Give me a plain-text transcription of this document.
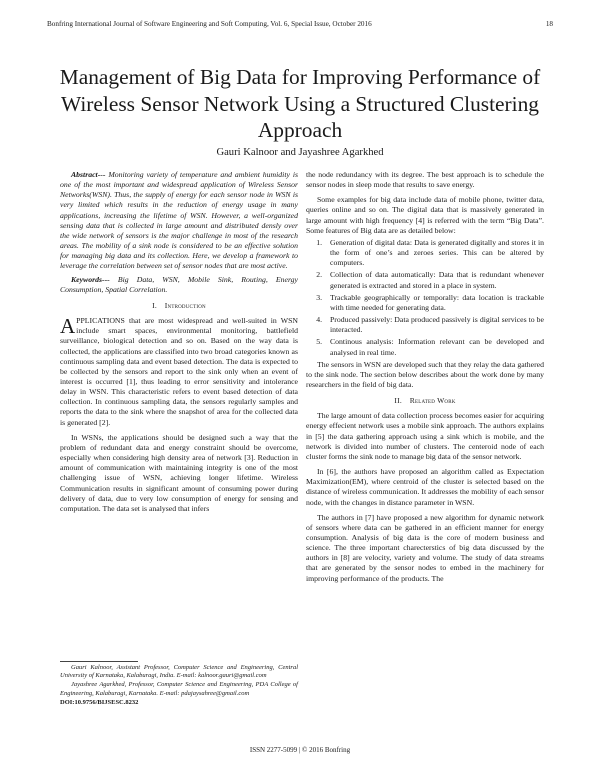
Bonfring International Journal of Software Engineering and Soft Computing, Vol. 6, Special Issue, October 2016	18
Management of Big Data for Improving Performance of Wireless Sensor Network Using a Structured Clustering Approach
Gauri Kalnoor and Jayashree Agarkhed

Abstract--- Monitoring variety of temperature and ambient humidity is one of the most important and widespread application of Wireless Sensor Networks(WSN). Thus, the supply of energy for each sensor node in WSN is very limited which results in the reduction of energy usage in many applications, increasing the lifetime of WSN. However, a well-organized sensing data that is collected in large amount and distributed densly over the wide network of sensors is the major challenge in most of the research areas. The mobility of a sink node is considered to be an effective solution for managing big data and its collection. Here, we develop a framework to leverage the correlation between set of sensor nodes that are most active.

Keywords--- Big Data, WSN, Mobile Sink, Routing, Energy Consumption, Spatial Correlation.

I. Introduction

APPLICATIONS that are most widespread and well-suited in WSN include smart spaces, environmental monitoring, battlefield surveillance, biological detection and so on. Based on the way data is collected, the applications are classified into two broad categories known as continuous sampling data and event based detection. The data is expected to be collected by the sensors and report to the sink only when an event of interest is occurred [1], thus leading to error sensitivity and intolerance delay in WSN. This characteristic refers to event based detection of data collection. In continuous sampling data, the sensors regularly samples and reports the data to the sink where the snapshot of area for the collected data is generated [2].

In WSNs, the applications should be designed such a way that the problem of redundant data and energy constraint should be overcome, especially when considering high density area of network [3]. Reduction in amount of communication with maintaining integrity is one of the most challenging issue of WSN, achieving longer lifetime. Wireless Communication results in significant amount of consuming power during delivery of data, due to very low consumption of energy for sensing and computation. The data set is analysed that infers

Gauri Kalnoor, Assistant Professor, Computer Science and Engineering, Central University of Karnataka, Kalaburagi, India. E-mail: kalnoor.gauri@gmail.com

Jayashree Agarkhed, Professor, Computer Science and Engineering, PDA College of Engineering, Kalaburagi, Karnataka. E-mail: pdajaysahree@gmail.com

DOI:10.9756/BIJSESC.8232

the node redundancy with its degree. The best approach is to schedule the sensor nodes in sleep mode that results to save energy.

Some examples for big data include data of mobile phone, twitter data, queries online and so on. The digital data that is massively generated in large amount with high frequency [4] is referred with the term “Big Data”. Some features of Big data are as detailed below:

1. Generation of digital data: Data is generated digitally and stores it in the form of one’s and zeroes series. This can be altered by computers.
2. Collection of data automatically: Data that is redundant whenever generated is extracted and stored in a place in system.
3. Trackable geographically or temporally: data location is trackable with time needed for generating data.
4. Produced passively: Data produced passively is digital services to be interacted.
5. Continous analysis: Information relevant can be developed and analysed in real time.

The sensors in WSN are developed such that they relay the data gathered to the sink node. The section below describes about the work done by many researchers in the field of big data.

II. Related Work

The large amount of data collection process becomes easier for acquiring energy effecient network uses a mobile sink approach. The authors explains in [5] the data gathering approach using a sink which is mobile, and the network is divided into number of clusters. The centeroid node of each cluster forms the sink node to manage big data of the sensor network.

In [6], the authors have proposed an algorithm called as Expectation Maximization(EM), where centroid of the cluster is selected based on the distance of wireless communication. It addresses the mobility of each sensor node, with the changes in distance parameter in WSN.

The authors in [7] have proposed a new algorithm for dynamic network of sensors where data can be gathered in an efficient manner for energy consumption. Analysis of big data is the core of modern business and science. The three important charecterstics of big data discussed by the authors in [8] are velocity, variety and volume. The study of data streams that are generated by the sensor nodes to embed in the machinery for improving performance of the products. The

ISSN 2277-5099 | © 2016 Bonfring
